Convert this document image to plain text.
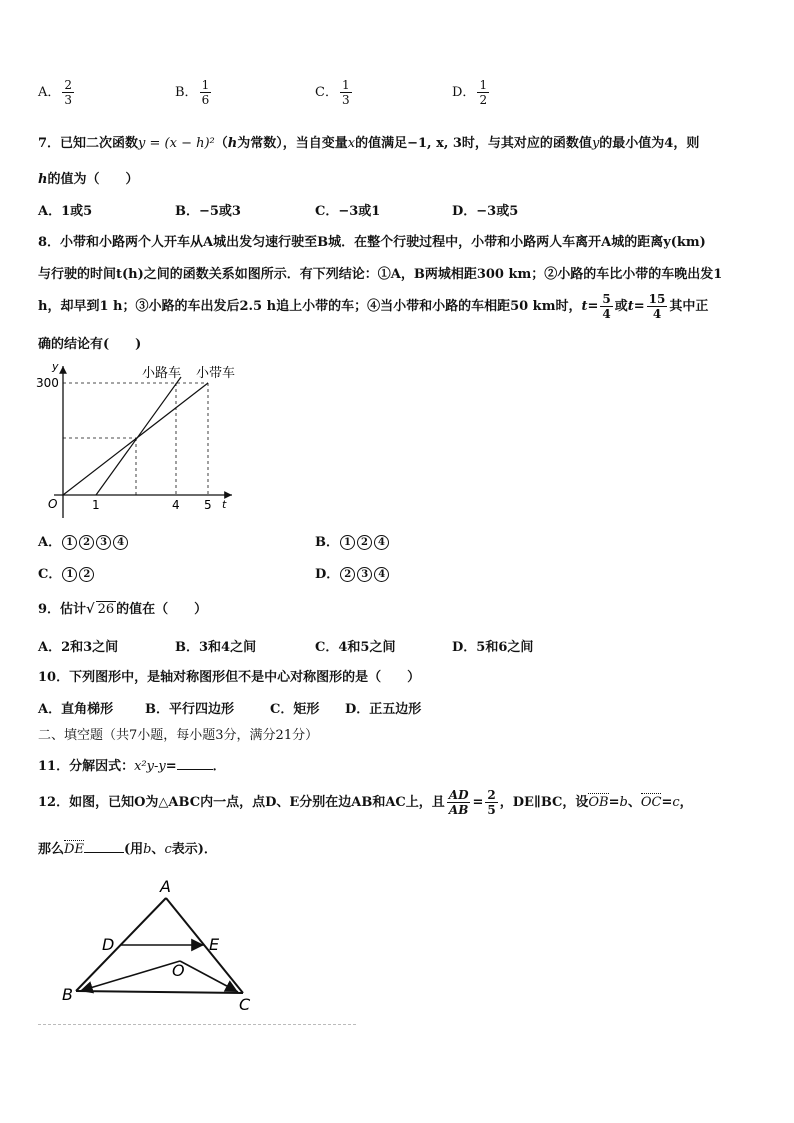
A． $\frac{2}{3}$	B． $\frac{1}{6}$	C． $\frac{1}{3}$	D． $\frac{1}{2}$
7．已知二次函数y = (x − h)²（h为常数），当自变量x的值满足−1, x, 3时，与其对应的函数值y的最小值为4，则
h的值为（　　）
A．1或5	B．−5或3	C．−3或1	D．−3或5
8．小带和小路两个人开车从A城出发匀速行驶至B城．在整个行驶过程中，小带和小路两人车离开A城的距离y(km)
与行驶的时间t(h)之间的函数关系如图所示．有下列结论：①A，B两城相距300 km；②小路的车比小带的车晚出发1
h，却早到1 h；③小路的车出发后2.5 h追上小带的车；④当小带和小路的车相距50 km时，$t= \frac{5}{4}$ 或$t= \frac{15}{4}$ 其中正
确的结论有(　　)
y
t
O
300
1	4 5
小路车 小带车
A． 1 2 3 4	B． 1 2 4
C． 1 2	D． 2 3 4
9．估计√ 26 的值在（　　）
A．2和3之间	B．3和4之间	C．4和5之间	D．5和6之间
10．下列图形中，是轴对称图形但不是中心对称图形的是（　　）
A．直角梯形 B．平行四边形	C．矩形 D．正五边形
二、填空题（共7小题，每小题3分，满分21分）
11．分解因式：x²y-y=	．
12．如图，已知O为△ABC内一点，点D、E分别在边AB和AC上，且 $\frac{AD}{AB} = \frac{2}{5}$ ，DE∥BC，设OB=b、OC=c，
那么DE	(用b、c表示)．
A
B
C
D	E
O
